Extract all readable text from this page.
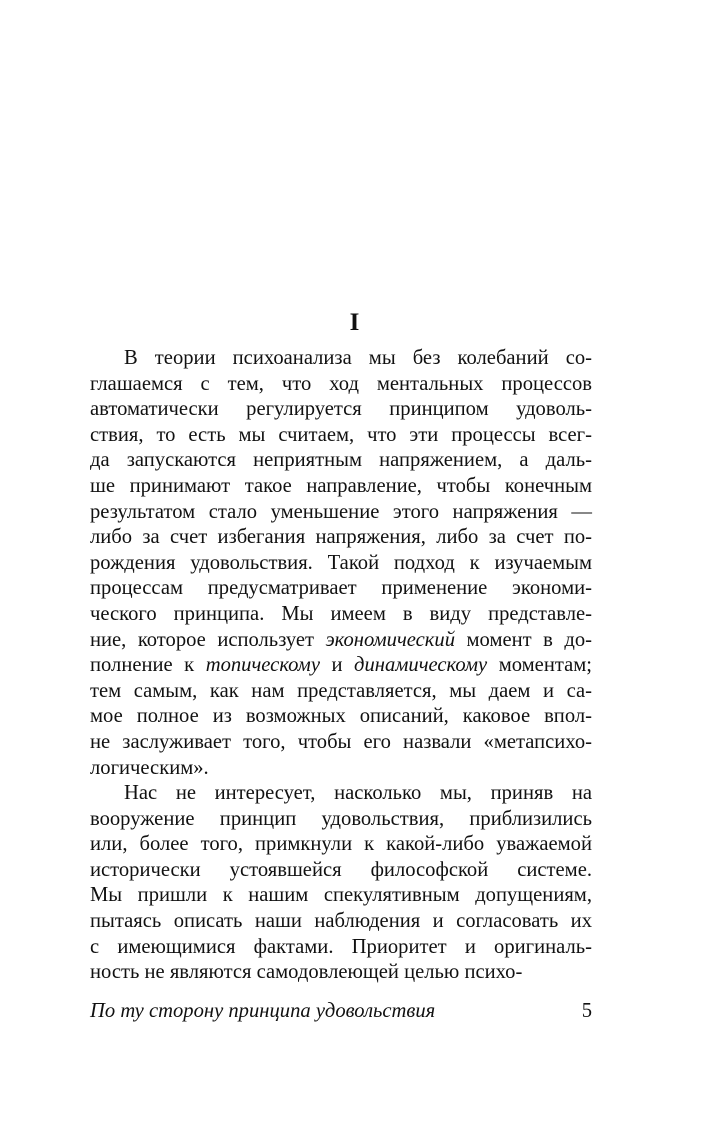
I
В теории психоанализа мы без колебаний со-
глашаемся с тем, что ход ментальных процессов
автоматически регулируется принципом удоволь-
ствия, то есть мы считаем, что эти процессы всег-
да запускаются неприятным напряжением, а даль-
ше принимают такое направление, чтобы конечным
результатом стало уменьшение этого напряжения —
либо за счет избегания напряжения, либо за счет по-
рождения удовольствия. Такой подход к изучаемым
процессам предусматривает применение экономи-
ческого принципа. Мы имеем в виду представле-
ние, которое использует экономический момент в до-
полнение к топическому и динамическому моментам;
тем самым, как нам представляется, мы даем и са-
мое полное из возможных описаний, каковое впол-
не заслуживает того, чтобы его назвали «метапсихо-
логическим».
Нас не интересует, насколько мы, приняв на
вооружение принцип удовольствия, приблизились
или, более того, примкнули к какой-либо уважаемой
исторически устоявшейся философской системе.
Мы пришли к нашим спекулятивным допущениям,
пытаясь описать наши наблюдения и согласовать их
с имеющимися фактами. Приоритет и оригиналь-
ность не являются самодовлеющей целью психо-
По ту сторону принципа удовольствия	5
